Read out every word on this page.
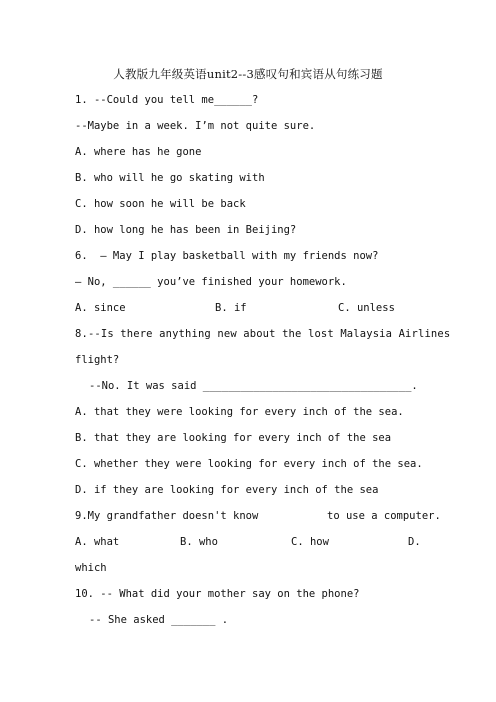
人教版九年级英语unit2--3感叹句和宾语从句练习题
1. --Could you tell me______?
--Maybe in a week. I’m not quite sure.
A. where has he gone
B. who will he go skating with
C. how soon he will be back
D. how long he has been in Beijing?
6.  – May I play basketball with my friends now?
– No, ______ you’ve finished your homework.
A. since	B. if	C. unless
8.--Is there anything new about the lost Malaysia Airlines
flight?
--No. It was said _________________________________.
A. that they were looking for every inch of the sea.
B. that they are looking for every inch of the sea
C. whether they were looking for every inch of the sea.
D. if they are looking for every inch of the sea
9.My grandfather doesn't know	to use a computer.
A. what	B. who	C. how	D.
which
10. -- What did your mother say on the phone?
-- She asked _______ .
